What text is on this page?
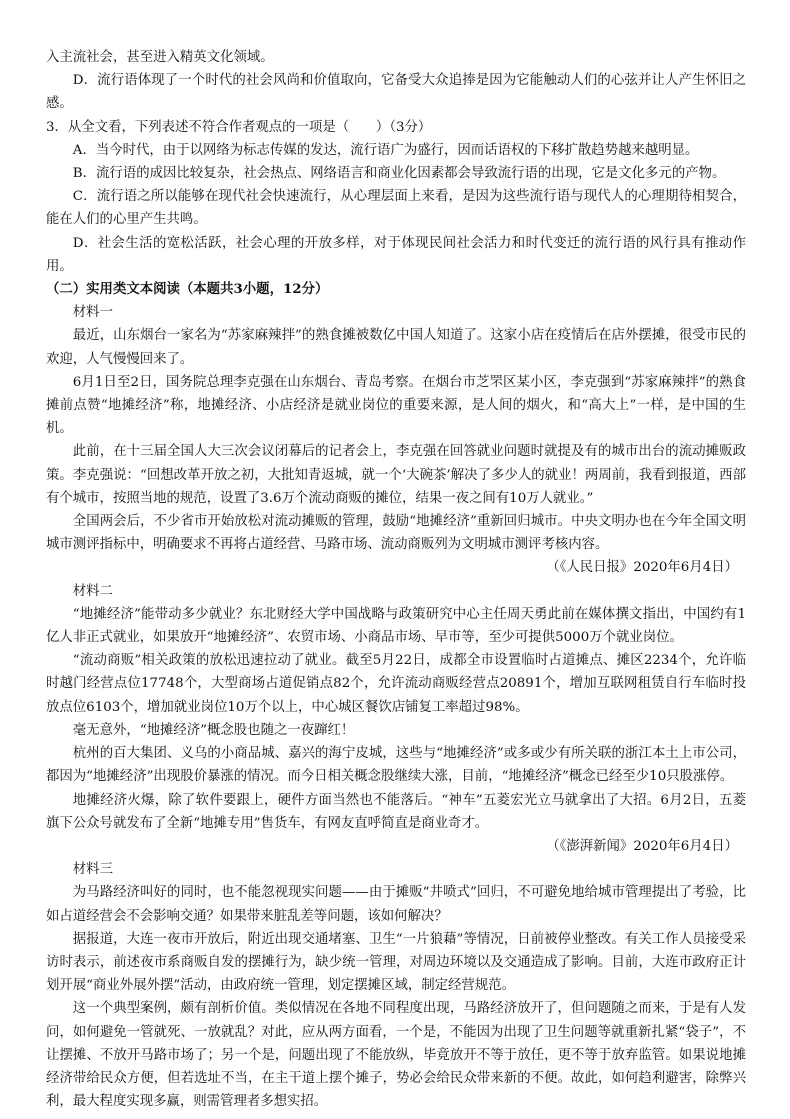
入主流社会，甚至进入精英文化领域。

D．流行语体现了一个时代的社会风尚和价值取向，它备受大众追捧是因为它能触动人们的心弦并让人产生怀旧之感。

3．从全文看，下列表述不符合作者观点的一项是（　　）（3分）

A．当今时代，由于以网络为标志传媒的发达，流行语广为盛行，因而话语权的下移扩散趋势越来越明显。

B．流行语的成因比较复杂，社会热点、网络语言和商业化因素都会导致流行语的出现，它是文化多元的产物。

C．流行语之所以能够在现代社会快速流行，从心理层面上来看，是因为这些流行语与现代人的心理期待相契合，能在人们的心里产生共鸣。

D．社会生活的宽松活跃，社会心理的开放多样，对于体现民间社会活力和时代变迁的流行语的风行具有推动作用。

（二）实用类文本阅读（本题共3小题，12分）

材料一

最近，山东烟台一家名为“苏家麻辣拌”的熟食摊被数亿中国人知道了。这家小店在疫情后在店外摆摊，很受市民的欢迎，人气慢慢回来了。

6月1日至2日，国务院总理李克强在山东烟台、青岛考察。在烟台市芝罘区某小区，李克强到“苏家麻辣拌”的熟食摊前点赞“地摊经济”称，地摊经济、小店经济是就业岗位的重要来源，是人间的烟火，和“高大上”一样，是中国的生机。

此前，在十三届全国人大三次会议闭幕后的记者会上，李克强在回答就业问题时就提及有的城市出台的流动摊贩政策。李克强说：“回想改革开放之初，大批知青返城，就一个‘大碗茶’解决了多少人的就业！两周前，我看到报道，西部有个城市，按照当地的规范，设置了3.6万个流动商贩的摊位，结果一夜之间有10万人就业。”

全国两会后，不少省市开始放松对流动摊贩的管理，鼓励“地摊经济”重新回归城市。中央文明办也在今年全国文明城市测评指标中，明确要求不再将占道经营、马路市场、流动商贩列为文明城市测评考核内容。

（《人民日报》2020年6月4日）

材料二

“地摊经济”能带动多少就业？东北财经大学中国战略与政策研究中心主任周天勇此前在媒体撰文指出，中国约有1亿人非正式就业，如果放开“地摊经济”、农贸市场、小商品市场、早市等，至少可提供5000万个就业岗位。

“流动商贩”相关政策的放松迅速拉动了就业。截至5月22日，成都全市设置临时占道摊点、摊区2234个，允许临时越门经营点位17748个，大型商场占道促销点82个，允许流动商贩经营点20891个，增加互联网租赁自行车临时投放点位6103个，增加就业岗位10万个以上，中心城区餐饮店铺复工率超过98%。

毫无意外，“地摊经济”概念股也随之一夜蹿红！

杭州的百大集团、义乌的小商品城、嘉兴的海宁皮城，这些与“地摊经济”或多或少有所关联的浙江本土上市公司，都因为“地摊经济”出现股价暴涨的情况。而今日相关概念股继续大涨，目前，“地摊经济”概念已经至少10只股涨停。

地摊经济火爆，除了软件要跟上，硬件方面当然也不能落后。“神车”五菱宏光立马就拿出了大招。6月2日，五菱旗下公众号就发布了全新“地摊专用”售货车，有网友直呼简直是商业奇才。

（《澎湃新闻》2020年6月4日）

材料三

为马路经济叫好的同时，也不能忽视现实问题——由于摊贩“井喷式”回归，不可避免地给城市管理提出了考验，比如占道经营会不会影响交通？如果带来脏乱差等问题，该如何解决？

据报道，大连一夜市开放后，附近出现交通堵塞、卫生“一片狼藉”等情况，日前被停业整改。有关工作人员接受采访时表示，前述夜市系商贩自发的摆摊行为，缺少统一管理，对周边环境以及交通造成了影响。目前，大连市政府正计划开展“商业外展外摆”活动，由政府统一管理，划定摆摊区域，制定经营规范。

这一个典型案例，颇有剖析价值。类似情况在各地不同程度出现，马路经济放开了，但问题随之而来，于是有人发问，如何避免一管就死、一放就乱？对此，应从两方面看，一个是，不能因为出现了卫生问题等就重新扎紧“袋子”，不让摆摊、不放开马路市场了；另一个是，问题出现了不能放纵，毕竟放开不等于放任，更不等于放弃监管。如果说地摊经济带给民众方便，但若选址不当，在主干道上摆个摊子，势必会给民众带来新的不便。故此，如何趋利避害，除弊兴利，最大程度实现多赢，则需管理者多想实招。
